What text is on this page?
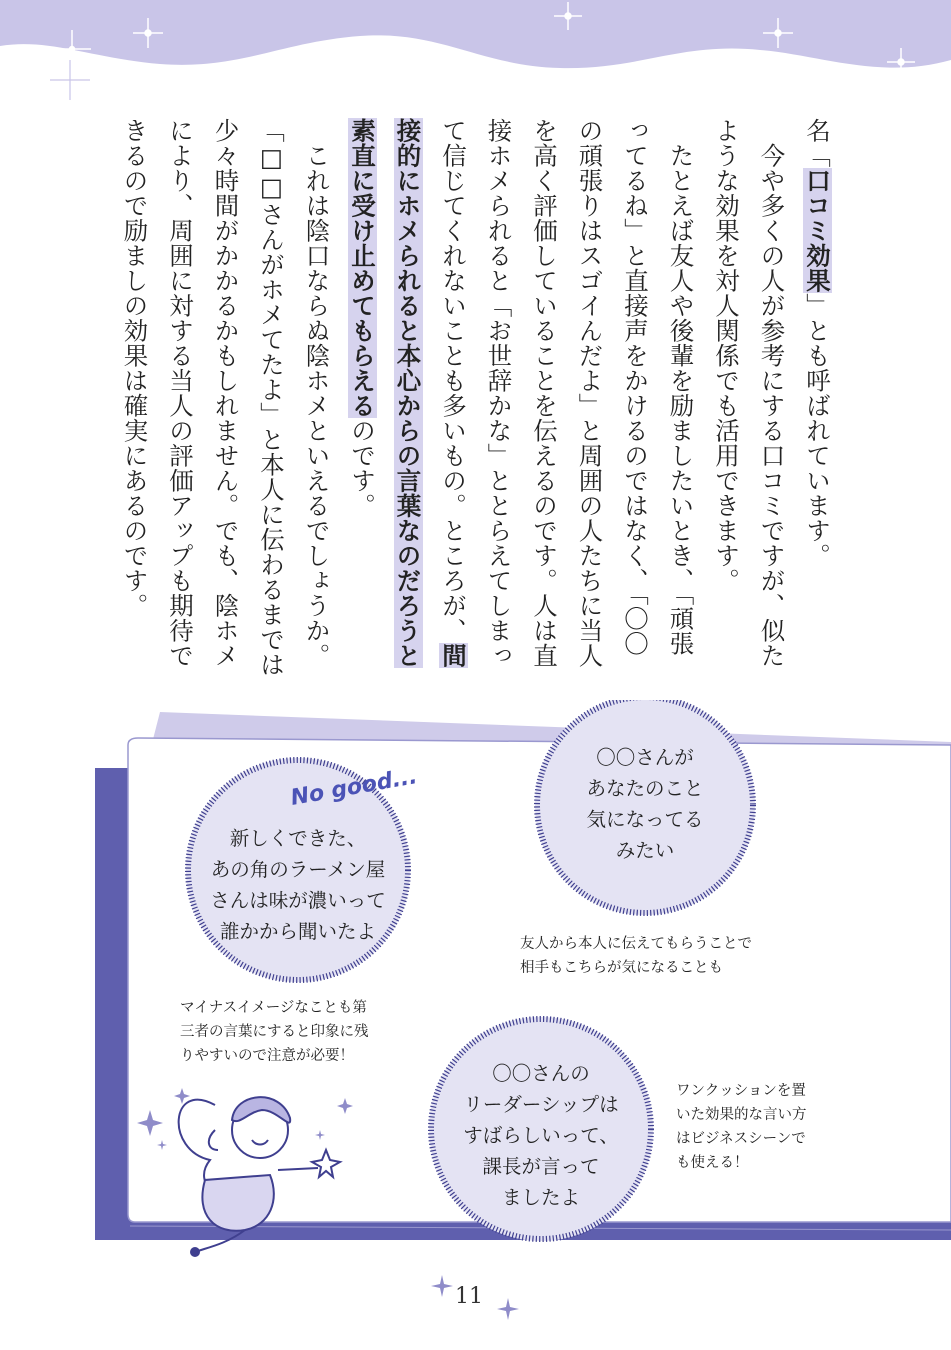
名「口コミ効果」とも呼ばれています。

今や多くの人が参考にする口コミですが、似たような効果を対人関係でも活用できます。

たとえば友人や後輩を励ましたいとき、「頑張ってるね」と直接声をかけるのではなく、「〇〇の頑張りはスゴイんだよ」と周囲の人たちに当人を高く評価していることを伝えるのです。人は直接ホメられると「お世辞かな」ととらえてしまって信じてくれないことも多いもの。ところが、間接的にホメられると本心からの言葉なのだろうと素直に受け止めてもらえるのです。

これは陰口ならぬ陰ホメといえるでしょうか。「□□さんがホメてたよ」と本人に伝わるまでは少々時間がかかるかもしれません。でも、陰ホメにより、周囲に対する当人の評価アップも期待できるので励ましの効果は確実にあるのです。

No good...
新しくできた、
あの角のラーメン屋
さんは味が濃いって
誰かから聞いたよ
〇〇さんが
あなたのこと
気になってる
みたい
〇〇さんの
リーダーシップは
すばらしいって、
課長が言って
ましたよ
友人から本人に伝えてもらうことで
相手もこちらが気になることも
マイナスイメージなことも第
三者の言葉にすると印象に残
りやすいので注意が必要！
ワンクッションを置
いた効果的な言い方
はビジネスシーンで
も使える！
11
